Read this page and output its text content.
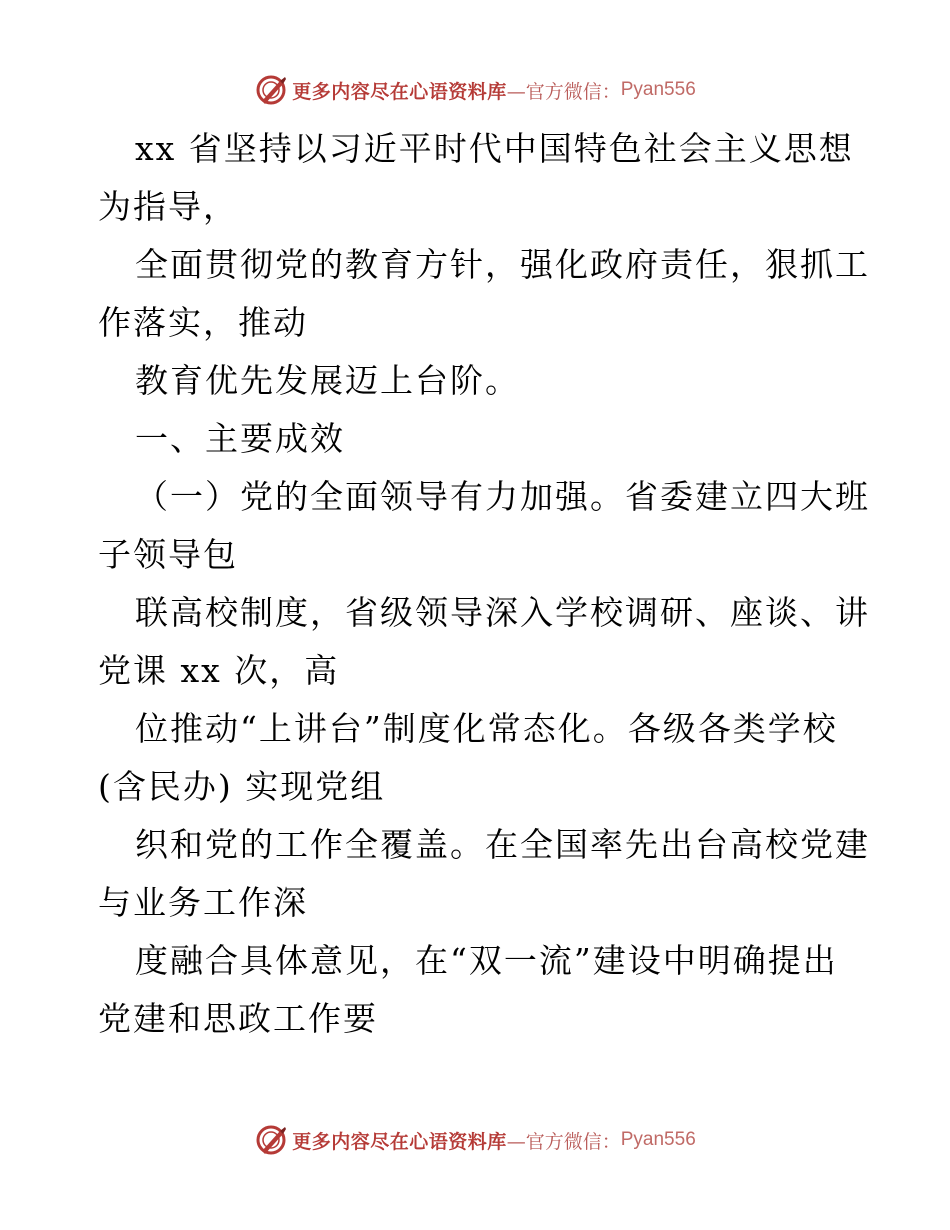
更多内容尽在心语资料库 —官方微信： Pyan556
xx 省坚持以习近平时代中国特色社会主义思想
为指导，
全面贯彻党的教育方针，强化政府责任，狠抓工
作落实，推动
教育优先发展迈上台阶。
一、主要成效
（一）党的全面领导有力加强。省委建立四大班
子领导包
联高校制度，省级领导深入学校调研、座谈、讲
党课 xx 次，高
位推动“上讲台”制度化常态化。各级各类学校
(含民办) 实现党组
织和党的工作全覆盖。在全国率先出台高校党建
与业务工作深
度融合具体意见，在“双一流”建设中明确提出
党建和思政工作要
更多内容尽在心语资料库 —官方微信： Pyan556
